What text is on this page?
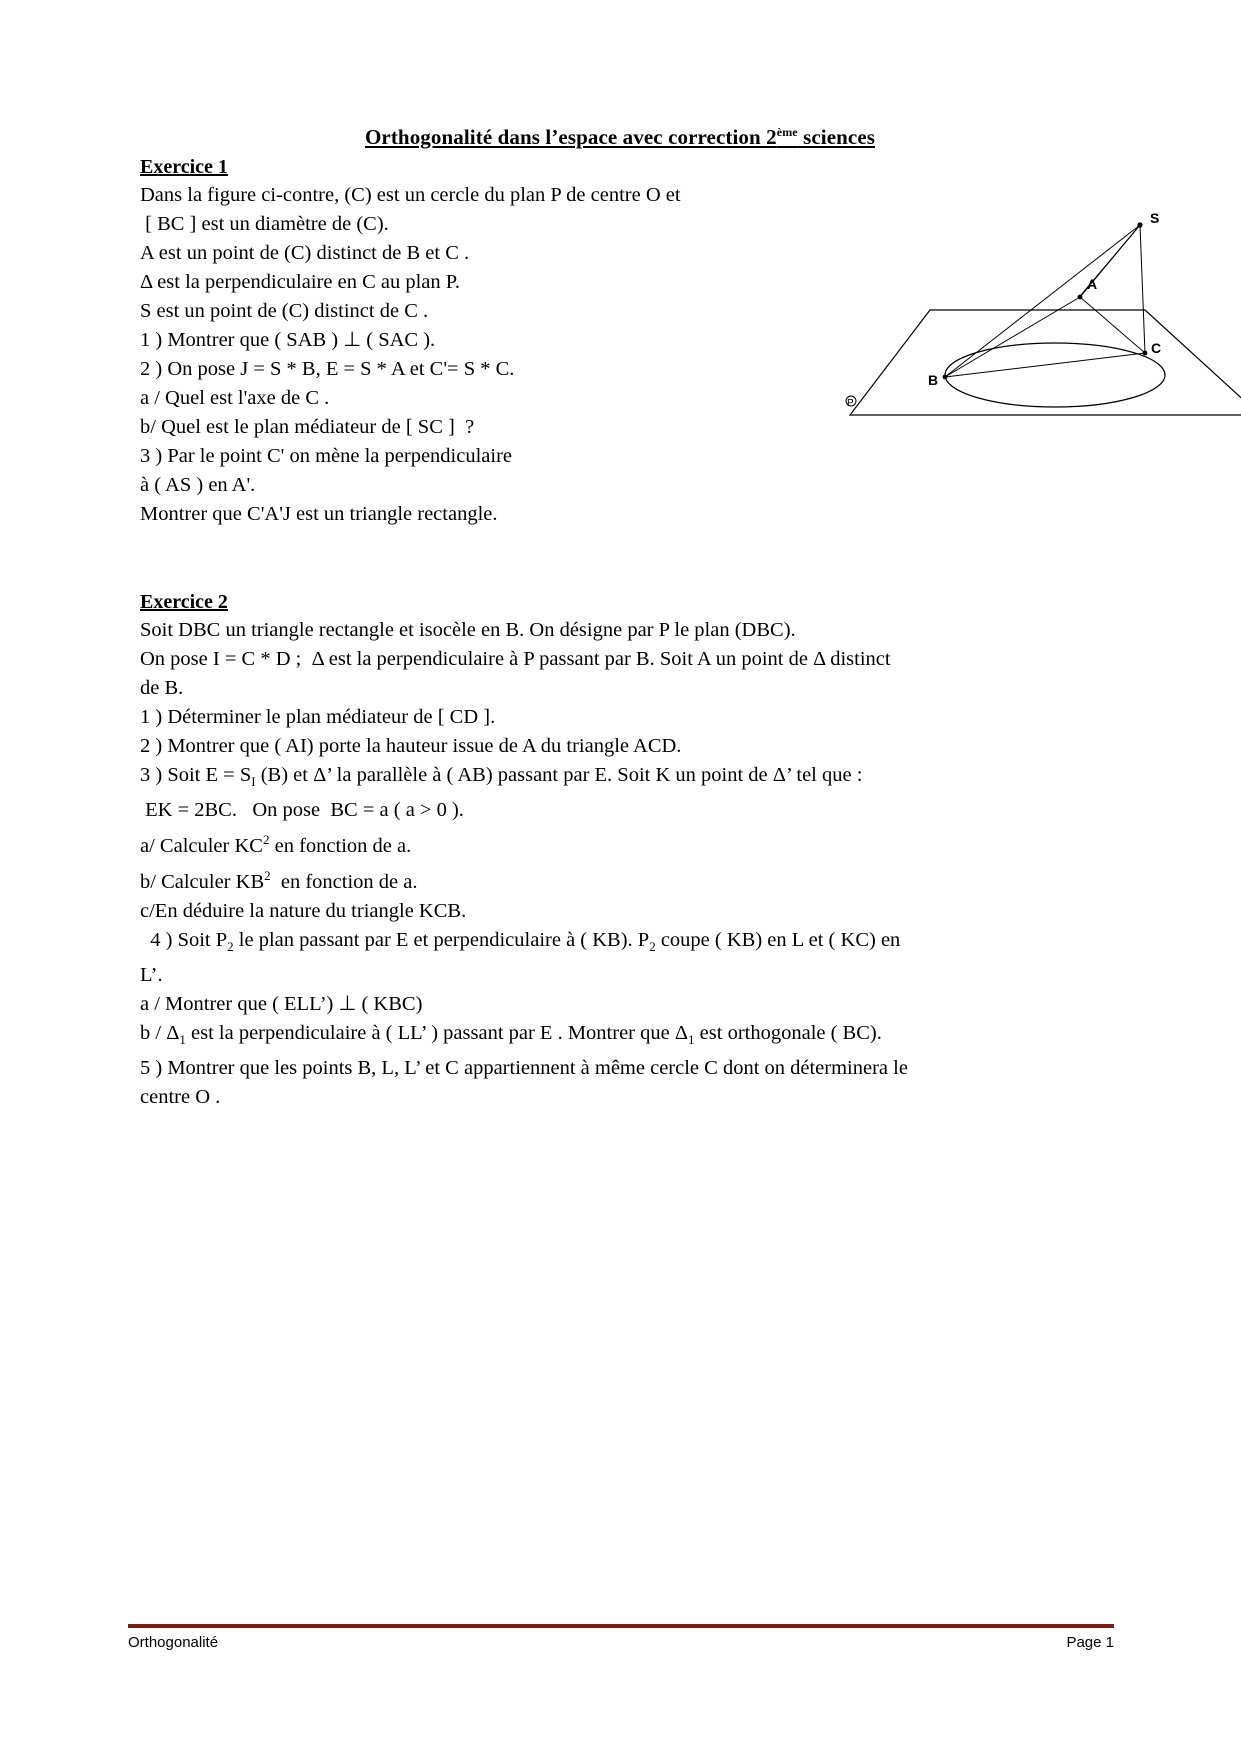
Orthogonalité dans l’espace avec correction 2ème sciences
Exercice 1

Dans la figure ci-contre, (C) est un cercle du plan P de centre O et

[ BC ] est un diamètre de (C).

A est un point de (C) distinct de B et C .

Δ est la perpendiculaire en C au plan P.

S est un point de (C) distinct de C .

1 ) Montrer que ( SAB ) ⊥ ( SAC ).

2 ) On pose J = S * B, E = S * A et C'= S * C.

a / Quel est l'axe de C .

b/ Quel est le plan médiateur de [ SC ]  ?

3 ) Par le point C' on mène la perpendiculaire

à ( AS ) en A'.

Montrer que C'A'J est un triangle rectangle.

S
A
B
C
P
Exercice 2

Soit DBC un triangle rectangle et isocèle en B. On désigne par P le plan (DBC).

On pose I = C * D ;  Δ est la perpendiculaire à P passant par B. Soit A un point de Δ distinct

de B.

1 ) Déterminer le plan médiateur de [ CD ].

2 ) Montrer que ( AI) porte la hauteur issue de A du triangle ACD.

3 ) Soit $E = S_I$ (B) et Δ’ la parallèle à ( AB) passant par E. Soit K un point de Δ’ tel que :

EK = 2BC.   On pose  BC = a ( a > 0 ).

a/ Calculer $KC^2$ en fonction de a.

b/ Calculer $KB^2$  en fonction de a.

c/En déduire la nature du triangle KCB.

4 ) Soit $P_2$ le plan passant par E et perpendiculaire à ( KB). $P_2$ coupe ( KB) en L et ( KC) en

L’.

a / Montrer que ( ELL’) ⊥ ( KBC)

b / $\Delta_1$ est la perpendiculaire à ( LL’ ) passant par E . Montrer que $\Delta_1$ est orthogonale ( BC).

5 ) Montrer que les points B, L, L’ et C appartiennent à même cercle C dont on déterminera le

centre O .

Orthogonalité	Page 1
